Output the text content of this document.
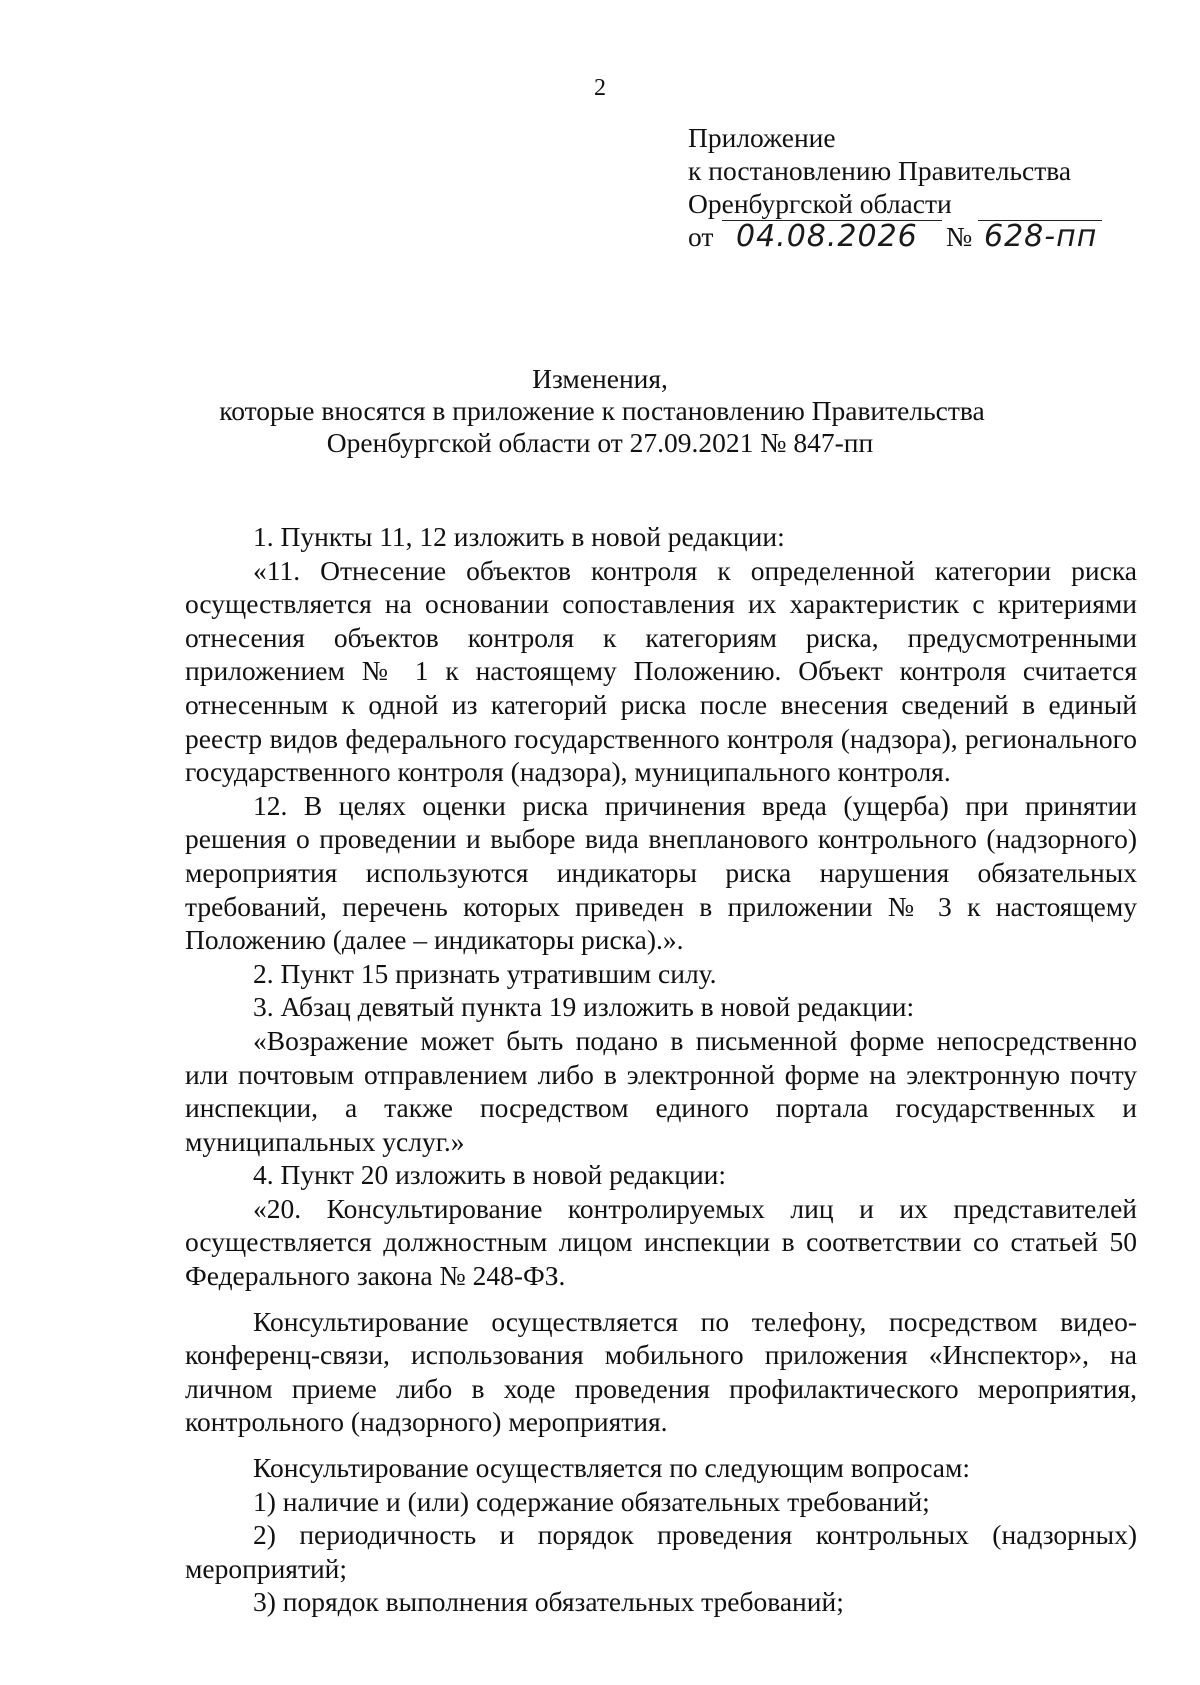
2
Приложение
к постановлению Правительства
Оренбургской области
от 04.08.2026 № 628-пп
Изменения,
которые вносятся в приложение к постановлению Правительства
Оренбургской области от 27.09.2021 № 847-пп

1. Пункты 11, 12 изложить в новой редакции:

«11. Отнесение объектов контроля к определенной категории риска осуществляется на основании сопоставления их характеристик с критериями отнесения объектов контроля к категориям риска, предусмотренными приложением № 1 к настоящему Положению. Объект контроля считается отнесенным к одной из категорий риска после внесения сведений в единый реестр видов федерального государственного контроля (надзора), регионального государственного контроля (надзора), муниципального контроля.

12. В целях оценки риска причинения вреда (ущерба) при принятии решения о проведении и выборе вида внепланового контрольного (надзорного) мероприятия используются индикаторы риска нарушения обязательных требований, перечень которых приведен в приложении № 3 к настоящему Положению (далее – индикаторы риска).».

2. Пункт 15 признать утратившим силу.

3. Абзац девятый пункта 19 изложить в новой редакции:

«Возражение может быть подано в письменной форме непосредственно или почтовым отправлением либо в электронной форме на электронную почту инспекции, а также посредством единого портала государственных и муниципальных услуг.»

4. Пункт 20 изложить в новой редакции:

«20. Консультирование контролируемых лиц и их представителей осуществляется должностным лицом инспекции в соответствии со статьей 50 Федерального закона № 248-ФЗ.

Консультирование осуществляется по телефону, посредством видео-конференц-связи, использования мобильного приложения «Инспектор», на личном приеме либо в ходе проведения профилактического мероприятия, контрольного (надзорного) мероприятия.

Консультирование осуществляется по следующим вопросам:

1) наличие и (или) содержание обязательных требований;

2) периодичность и порядок проведения контрольных (надзорных) мероприятий;

3) порядок выполнения обязательных требований;
